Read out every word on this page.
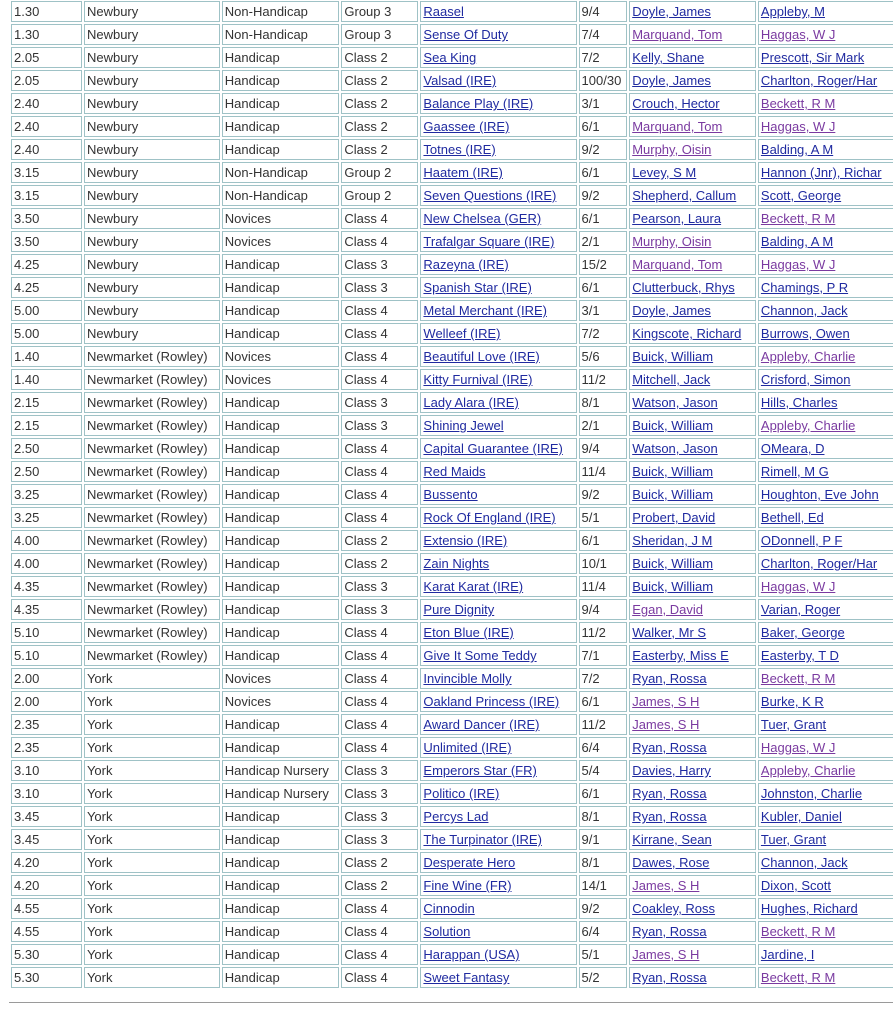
1.30	Newbury	Non-Handicap	Group 3	Raasel	9/4	Doyle, James	Appleby, M
1.30	Newbury	Non-Handicap	Group 3	Sense Of Duty	7/4	Marquand, Tom	Haggas, W J
2.05	Newbury	Handicap	Class 2	Sea King	7/2	Kelly, Shane	Prescott, Sir Mark
2.05	Newbury	Handicap	Class 2	Valsad (IRE)	100/30	Doyle, James	Charlton, Roger/Har
2.40	Newbury	Handicap	Class 2	Balance Play (IRE)	3/1	Crouch, Hector	Beckett, R M
2.40	Newbury	Handicap	Class 2	Gaassee (IRE)	6/1	Marquand, Tom	Haggas, W J
2.40	Newbury	Handicap	Class 2	Totnes (IRE)	9/2	Murphy, Oisin	Balding, A M
3.15	Newbury	Non-Handicap	Group 2	Haatem (IRE)	6/1	Levey, S M	Hannon (Jnr), Richar
3.15	Newbury	Non-Handicap	Group 2	Seven Questions (IRE)	9/2	Shepherd, Callum	Scott, George
3.50	Newbury	Novices	Class 4	New Chelsea (GER)	6/1	Pearson, Laura	Beckett, R M
3.50	Newbury	Novices	Class 4	Trafalgar Square (IRE)	2/1	Murphy, Oisin	Balding, A M
4.25	Newbury	Handicap	Class 3	Razeyna (IRE)	15/2	Marquand, Tom	Haggas, W J
4.25	Newbury	Handicap	Class 3	Spanish Star (IRE)	6/1	Clutterbuck, Rhys	Chamings, P R
5.00	Newbury	Handicap	Class 4	Metal Merchant (IRE)	3/1	Doyle, James	Channon, Jack
5.00	Newbury	Handicap	Class 4	Welleef (IRE)	7/2	Kingscote, Richard	Burrows, Owen
1.40	Newmarket (Rowley)	Novices	Class 4	Beautiful Love (IRE)	5/6	Buick, William	Appleby, Charlie
1.40	Newmarket (Rowley)	Novices	Class 4	Kitty Furnival (IRE)	11/2	Mitchell, Jack	Crisford, Simon
2.15	Newmarket (Rowley)	Handicap	Class 3	Lady Alara (IRE)	8/1	Watson, Jason	Hills, Charles
2.15	Newmarket (Rowley)	Handicap	Class 3	Shining Jewel	2/1	Buick, William	Appleby, Charlie
2.50	Newmarket (Rowley)	Handicap	Class 4	Capital Guarantee (IRE)	9/4	Watson, Jason	OMeara, D
2.50	Newmarket (Rowley)	Handicap	Class 4	Red Maids	11/4	Buick, William	Rimell, M G
3.25	Newmarket (Rowley)	Handicap	Class 4	Bussento	9/2	Buick, William	Houghton, Eve John
3.25	Newmarket (Rowley)	Handicap	Class 4	Rock Of England (IRE)	5/1	Probert, David	Bethell, Ed
4.00	Newmarket (Rowley)	Handicap	Class 2	Extensio (IRE)	6/1	Sheridan, J M	ODonnell, P F
4.00	Newmarket (Rowley)	Handicap	Class 2	Zain Nights	10/1	Buick, William	Charlton, Roger/Har
4.35	Newmarket (Rowley)	Handicap	Class 3	Karat Karat (IRE)	11/4	Buick, William	Haggas, W J
4.35	Newmarket (Rowley)	Handicap	Class 3	Pure Dignity	9/4	Egan, David	Varian, Roger
5.10	Newmarket (Rowley)	Handicap	Class 4	Eton Blue (IRE)	11/2	Walker, Mr S	Baker, George
5.10	Newmarket (Rowley)	Handicap	Class 4	Give It Some Teddy	7/1	Easterby, Miss E	Easterby, T D
2.00	York	Novices	Class 4	Invincible Molly	7/2	Ryan, Rossa	Beckett, R M
2.00	York	Novices	Class 4	Oakland Princess (IRE)	6/1	James, S H	Burke, K R
2.35	York	Handicap	Class 4	Award Dancer (IRE)	11/2	James, S H	Tuer, Grant
2.35	York	Handicap	Class 4	Unlimited (IRE)	6/4	Ryan, Rossa	Haggas, W J
3.10	York	Handicap Nursery	Class 3	Emperors Star (FR)	5/4	Davies, Harry	Appleby, Charlie
3.10	York	Handicap Nursery	Class 3	Politico (IRE)	6/1	Ryan, Rossa	Johnston, Charlie
3.45	York	Handicap	Class 3	Percys Lad	8/1	Ryan, Rossa	Kubler, Daniel
3.45	York	Handicap	Class 3	The Turpinator (IRE)	9/1	Kirrane, Sean	Tuer, Grant
4.20	York	Handicap	Class 2	Desperate Hero	8/1	Dawes, Rose	Channon, Jack
4.20	York	Handicap	Class 2	Fine Wine (FR)	14/1	James, S H	Dixon, Scott
4.55	York	Handicap	Class 4	Cinnodin	9/2	Coakley, Ross	Hughes, Richard
4.55	York	Handicap	Class 4	Solution	6/4	Ryan, Rossa	Beckett, R M
5.30	York	Handicap	Class 4	Harappan (USA)	5/1	James, S H	Jardine, I
5.30	York	Handicap	Class 4	Sweet Fantasy	5/2	Ryan, Rossa	Beckett, R M
